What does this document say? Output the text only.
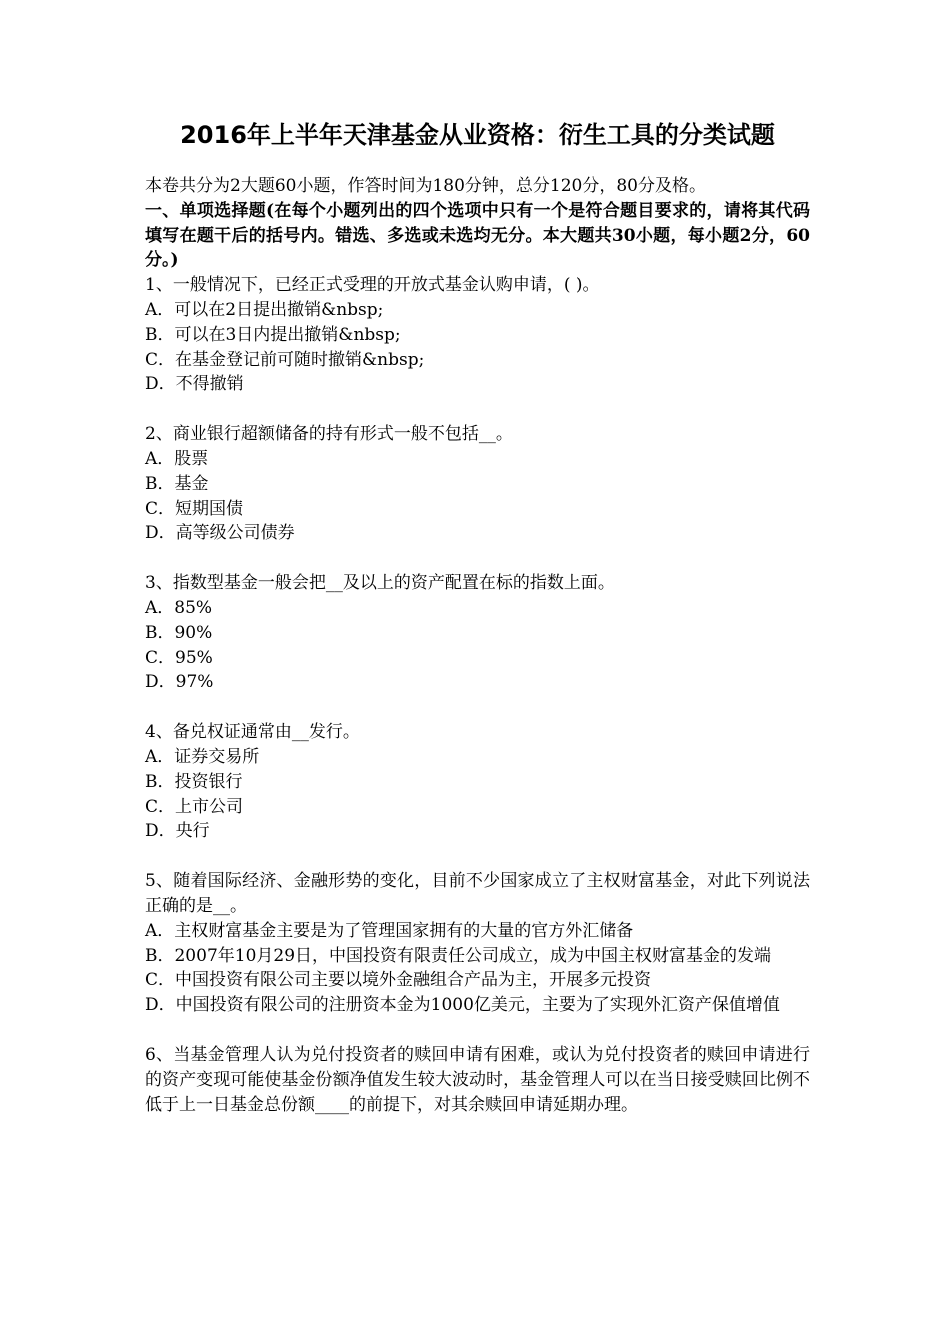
2016年上半年天津基金从业资格：衍生工具的分类试题

本卷共分为2大题60小题，作答时间为180分钟，总分120分，80分及格。

一、单项选择题(在每个小题列出的四个选项中只有一个是符合题目要求的，请将其代码填写在题干后的括号内。错选、多选或未选均无分。本大题共30小题，每小题2分，60分。)

1、一般情况下，已经正式受理的开放式基金认购申请，( )。

A．可以在2日提出撤销&nbsp;

B．可以在3日内提出撤销&nbsp;

C．在基金登记前可随时撤销&nbsp;

D．不得撤销

2、商业银行超额储备的持有形式一般不包括__。

A．股票

B．基金

C．短期国债

D．高等级公司债券

3、指数型基金一般会把__及以上的资产配置在标的指数上面。

A．85%

B．90%

C．95%

D．97%

4、备兑权证通常由__发行。

A．证券交易所

B．投资银行

C．上市公司

D．央行

5、随着国际经济、金融形势的变化，目前不少国家成立了主权财富基金，对此下列说法正确的是__。

A．主权财富基金主要是为了管理国家拥有的大量的官方外汇储备

B．2007年10月29日，中国投资有限责任公司成立，成为中国主权财富基金的发端

C．中国投资有限公司主要以境外金融组合产品为主，开展多元投资

D．中国投资有限公司的注册资本金为1000亿美元，主要为了实现外汇资产保值增值

6、当基金管理人认为兑付投资者的赎回申请有困难，或认为兑付投资者的赎回申请进行的资产变现可能使基金份额净值发生较大波动时，基金管理人可以在当日接受赎回比例不低于上一日基金总份额____的前提下，对其余赎回申请延期办理。
